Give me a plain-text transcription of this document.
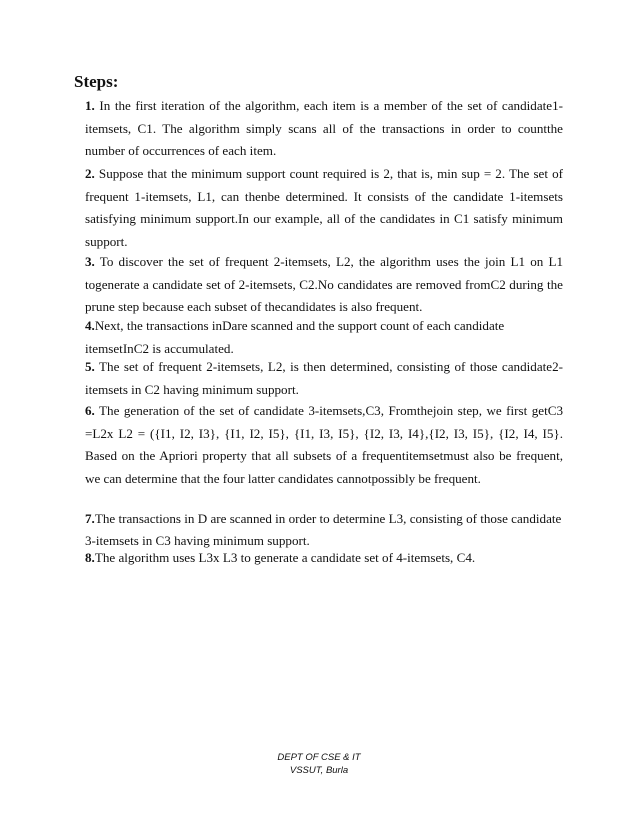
Steps:

1. In the first iteration of the algorithm, each item is a member of the set of candidate1-itemsets, C1. The algorithm simply scans all of the transactions in order to countthe number of occurrences of each item.

2. Suppose that the minimum support count required is 2, that is, min sup = 2. The set of frequent 1-itemsets, L1, can thenbe determined. It consists of the candidate 1-itemsets satisfying minimum support.In our example, all of the candidates in C1 satisfy minimum support.

3. To discover the set of frequent 2-itemsets, L2, the algorithm uses the join L1 on L1 togenerate a candidate set of 2-itemsets, C2.No candidates are removed fromC2 during the prune step because each subset of thecandidates is also frequent.

4.Next, the transactions inDare scanned and the support count of each candidate itemsetInC2 is accumulated.

5. The set of frequent 2-itemsets, L2, is then determined, consisting of those candidate2-itemsets in C2 having minimum support.

6. The generation of the set of candidate 3-itemsets,C3, Fromthejoin step, we first getC3 =L2x L2 = ({I1, I2, I3}, {I1, I2, I5}, {I1, I3, I5}, {I2, I3, I4},{I2, I3, I5}, {I2, I4, I5}. Based on the Apriori property that all subsets of a frequentitemsetmust also be frequent, we can determine that the four latter candidates cannotpossibly be frequent.

7.The transactions in D are scanned in order to determine L3, consisting of those candidate 3-itemsets in C3 having minimum support.

8.The algorithm uses L3x L3 to generate a candidate set of 4-itemsets, C4.

DEPT OF CSE & IT
VSSUT, Burla
